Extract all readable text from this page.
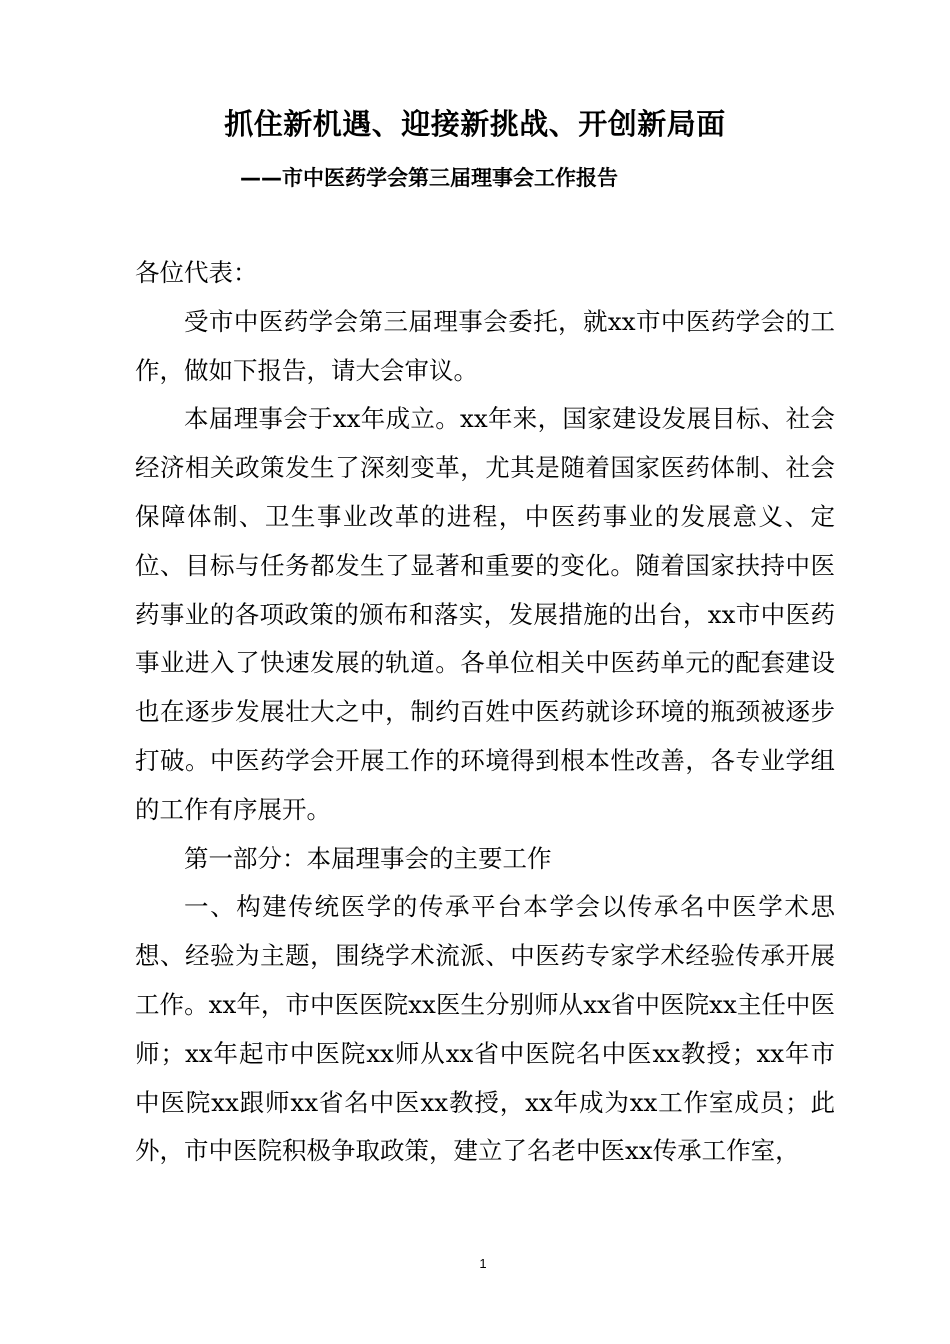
抓住新机遇、迎接新挑战、开创新局面
——市中医药学会第三届理事会工作报告

各位代表：

受市中医药学会第三届理事会委托，就xx市中医药学会的工作，做如下报告，请大会审议。

本届理事会于xx年成立。xx年来，国家建设发展目标、社会经济相关政策发生了深刻变革，尤其是随着国家医药体制、社会保障体制、卫生事业改革的进程，中医药事业的发展意义、定位、目标与任务都发生了显著和重要的变化。随着国家扶持中医药事业的各项政策的颁布和落实，发展措施的出台，xx市中医药事业进入了快速发展的轨道。各单位相关中医药单元的配套建设也在逐步发展壮大之中，制约百姓中医药就诊环境的瓶颈被逐步打破。中医药学会开展工作的环境得到根本性改善，各专业学组的工作有序展开。

第一部分：本届理事会的主要工作

一、构建传统医学的传承平台本学会以传承名中医学术思想、经验为主题，围绕学术流派、中医药专家学术经验传承开展工作。xx年，市中医医院xx医生分别师从xx省中医院xx主任中医师；xx年起市中医院xx师从xx省中医院名中医xx教授；xx年市中医院xx跟师xx省名中医xx教授，xx年成为xx工作室成员；此外，市中医院积极争取政策，建立了名老中医xx传承工作室，

1
